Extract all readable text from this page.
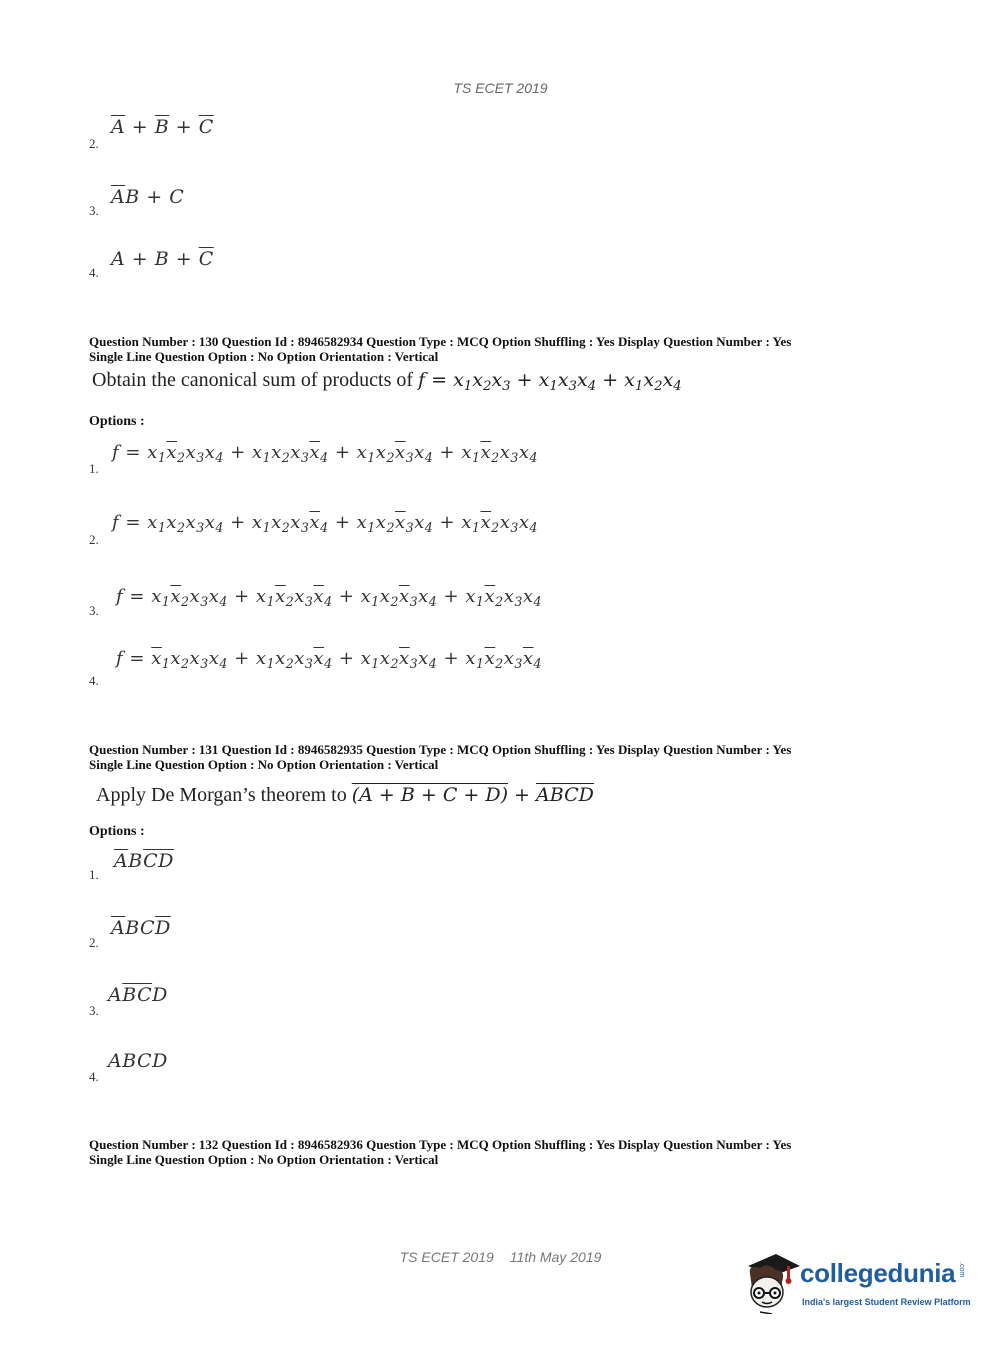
TS ECET 2019
2.
$\overline{A} + \overline{B} + \overline{C}$
3.
$\overline{A}B + C$
4.
$A + B + \overline{C}$
Question Number : 130 Question Id : 8946582934 Question Type : MCQ Option Shuffling : Yes Display Question Number : Yes
Single Line Question Option : No Option Orientation : Vertical
Obtain the canonical sum of products of $f = x_1x_2x_3 + x_1x_3x_4 + x_1x_2x_4$
Options :
1.
$f = x_1\overline{x}_2x_3x_4 + x_1x_2x_3\overline{x}_4 + x_1x_2\overline{x}_3x_4 + x_1\overline{x}_2x_3x_4$
2.
$f = x_1x_2x_3x_4 + x_1x_2x_3\overline{x}_4 + x_1x_2\overline{x}_3x_4 + x_1\overline{x}_2x_3x_4$
3.
$f = x_1\overline{x}_2x_3x_4 + x_1\overline{x}_2x_3\overline{x}_4 + x_1x_2\overline{x}_3x_4 + x_1\overline{x}_2x_3x_4$
4.
$f = \overline{x}_1x_2x_3x_4 + x_1x_2x_3\overline{x}_4 + x_1x_2\overline{x}_3x_4 + x_1\overline{x}_2x_3\overline{x}_4$
Question Number : 131 Question Id : 8946582935 Question Type : MCQ Option Shuffling : Yes Display Question Number : Yes
Single Line Question Option : No Option Orientation : Vertical
Apply De Morgan’s theorem to (A + B + C + D) + ABCD
Options :
1.
$\overline{A}B\overline{C}\overline{D}$
2.
$\overline{A}BC\overline{D}$
3.
$A\overline{B}\overline{C}D$
4.
ABCD
Question Number : 132 Question Id : 8946582936 Question Type : MCQ Option Shuffling : Yes Display Question Number : Yes
Single Line Question Option : No Option Orientation : Vertical
TS ECET 2019 11th May 2019
collegedunia .com
India's largest Student Review Platform
